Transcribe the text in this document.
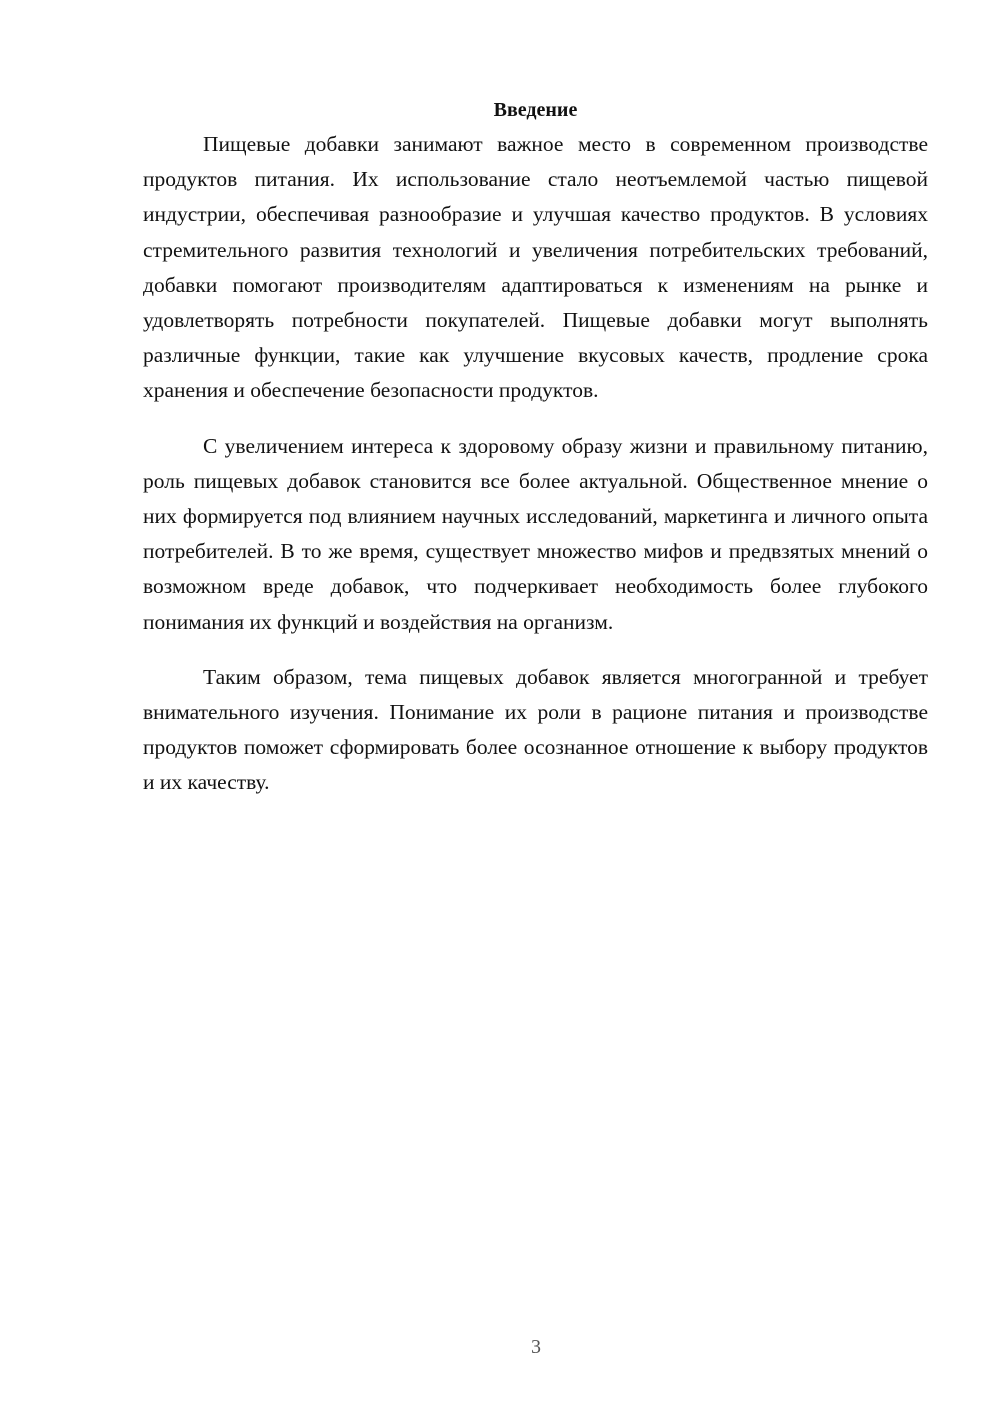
Введение

Пищевые добавки занимают важное место в современном производстве продуктов питания. Их использование стало неотъемлемой частью пищевой индустрии, обеспечивая разнообразие и улучшая качество продуктов. В условиях стремительного развития технологий и увеличения потребительских требований, добавки помогают производителям адаптироваться к изменениям на рынке и удовлетворять потребности покупателей. Пищевые добавки могут выполнять различные функции, такие как улучшение вкусовых качеств, продление срока хранения и обеспечение безопасности продуктов.

С увеличением интереса к здоровому образу жизни и правильному питанию, роль пищевых добавок становится все более актуальной. Общественное мнение о них формируется под влиянием научных исследований, маркетинга и личного опыта потребителей. В то же время, существует множество мифов и предвзятых мнений о возможном вреде добавок, что подчеркивает необходимость более глубокого понимания их функций и воздействия на организм.

Таким образом, тема пищевых добавок является многогранной и требует внимательного изучения. Понимание их роли в рационе питания и производстве продуктов поможет сформировать более осознанное отношение к выбору продуктов и их качеству.

3
